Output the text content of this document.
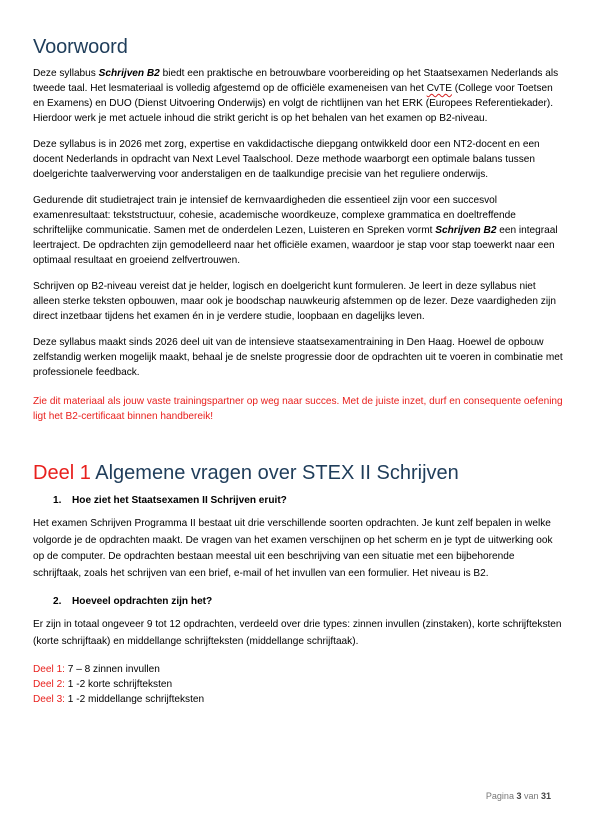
Voorwoord

Deze syllabus Schrijven B2 biedt een praktische en betrouwbare voorbereiding op het Staatsexamen Nederlands als tweede taal. Het lesmateriaal is volledig afgestemd op de officiële exameneisen van het CvTE (College voor Toetsen en Examens) en DUO (Dienst Uitvoering Onderwijs) en volgt de richtlijnen van het ERK (Europees Referentiekader). Hierdoor werk je met actuele inhoud die strikt gericht is op het behalen van het examen op B2-niveau.

Deze syllabus is in 2026 met zorg, expertise en vakdidactische diepgang ontwikkeld door een NT2-docent en een docent Nederlands in opdracht van Next Level Taalschool. Deze methode waarborgt een optimale balans tussen doelgerichte taalverwerving voor anderstaligen en de taalkundige precisie van het reguliere onderwijs.

Gedurende dit studietraject train je intensief de kernvaardigheden die essentieel zijn voor een succesvol examenresultaat: tekststructuur, cohesie, academische woordkeuze, complexe grammatica en doeltreffende schriftelijke communicatie. Samen met de onderdelen Lezen, Luisteren en Spreken vormt Schrijven B2 een integraal leertraject. De opdrachten zijn gemodelleerd naar het officiële examen, waardoor je stap voor stap toewerkt naar een optimaal resultaat en groeiend zelfvertrouwen.

Schrijven op B2-niveau vereist dat je helder, logisch en doelgericht kunt formuleren. Je leert in deze syllabus niet alleen sterke teksten opbouwen, maar ook je boodschap nauwkeurig afstemmen op de lezer. Deze vaardigheden zijn direct inzetbaar tijdens het examen én in je verdere studie, loopbaan en dagelijks leven.

Deze syllabus maakt sinds 2026 deel uit van de intensieve staatsexamentraining in Den Haag. Hoewel de opbouw zelfstandig werken mogelijk maakt, behaal je de snelste progressie door de opdrachten uit te voeren in combinatie met professionele feedback.

Zie dit materiaal als jouw vaste trainingspartner op weg naar succes. Met de juiste inzet, durf en consequente oefening ligt het B2-certificaat binnen handbereik!

Deel 1 Algemene vragen over STEX II Schrijven
1. Hoe ziet het Staatsexamen II Schrijven eruit?

Het examen Schrijven Programma II bestaat uit drie verschillende soorten opdrachten. Je kunt zelf bepalen in welke volgorde je de opdrachten maakt. De vragen van het examen verschijnen op het scherm en je typt de uitwerking ook op de computer. De opdrachten bestaan meestal uit een beschrijving van een situatie met een bijbehorende schrijftaak, zoals het schrijven van een brief, e-mail of het invullen van een formulier. Het niveau is B2.

2. Hoeveel opdrachten zijn het?

Er zijn in totaal ongeveer 9 tot 12 opdrachten, verdeeld over drie types: zinnen invullen (zinstaken), korte schrijfteksten (korte schrijftaak) en middellange schrijfteksten (middellange schrijftaak).

Deel 1: 7 – 8 zinnen invullen
Deel 2: 1 -2 korte schrijfteksten
Deel 3: 1 -2 middellange schrijfteksten
Pagina 3 van 31
